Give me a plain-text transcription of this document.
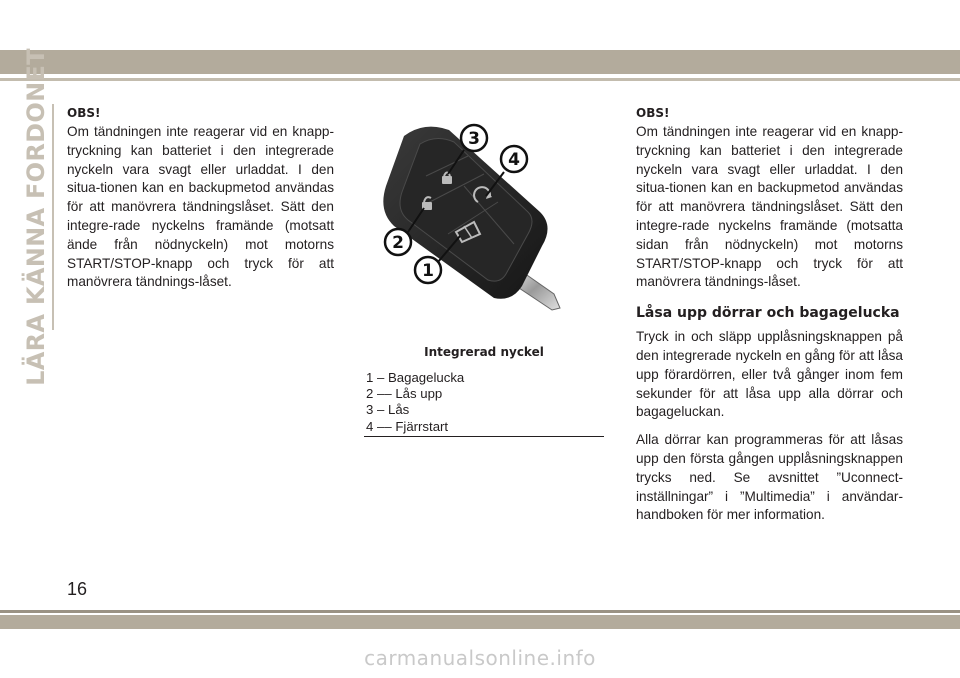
LÄRA KÄNNA FORDONET OBS!

Om tändningen inte reagerar vid en knapp-tryckning kan batteriet i den integrerade nyckeln vara svagt eller urladdat. I den situa-tionen kan en backupmetod användas för att manövrera tändningslåset. Sätt den integre-rade nyckelns framände (motsatt ände från nödnyckeln) mot motorns START/STOP-knapp och tryck för att manövrera tändnings-låset.

3
4
2
1
Integrerad nyckel
1 – Bagagelucka
2 –– Lås upp
3 – Lås
4 –– Fjärrstart
OBS!

Om tändningen inte reagerar vid en knapp-tryckning kan batteriet i den integrerade nyckeln vara svagt eller urladdat. I den situa-tionen kan en backupmetod användas för att manövrera tändningslåset. Sätt den integre-rade nyckelns framände (motsatta sidan från nödnyckeln) mot motorns START/STOP-knapp och tryck för att manövrera tändnings-låset.

Låsa upp dörrar och bagagelucka

Tryck in och släpp upplåsningsknappen på den integrerade nyckeln en gång för att låsa upp förardörren, eller två gånger inom fem sekunder för att låsa upp alla dörrar och bagageluckan.

Alla dörrar kan programmeras för att låsas upp den första gången upplåsningsknappen trycks ned. Se avsnittet ”Uconnect-inställningar” i ”Multimedia” i användar-handboken för mer information.

16
carmanualsonline.info
